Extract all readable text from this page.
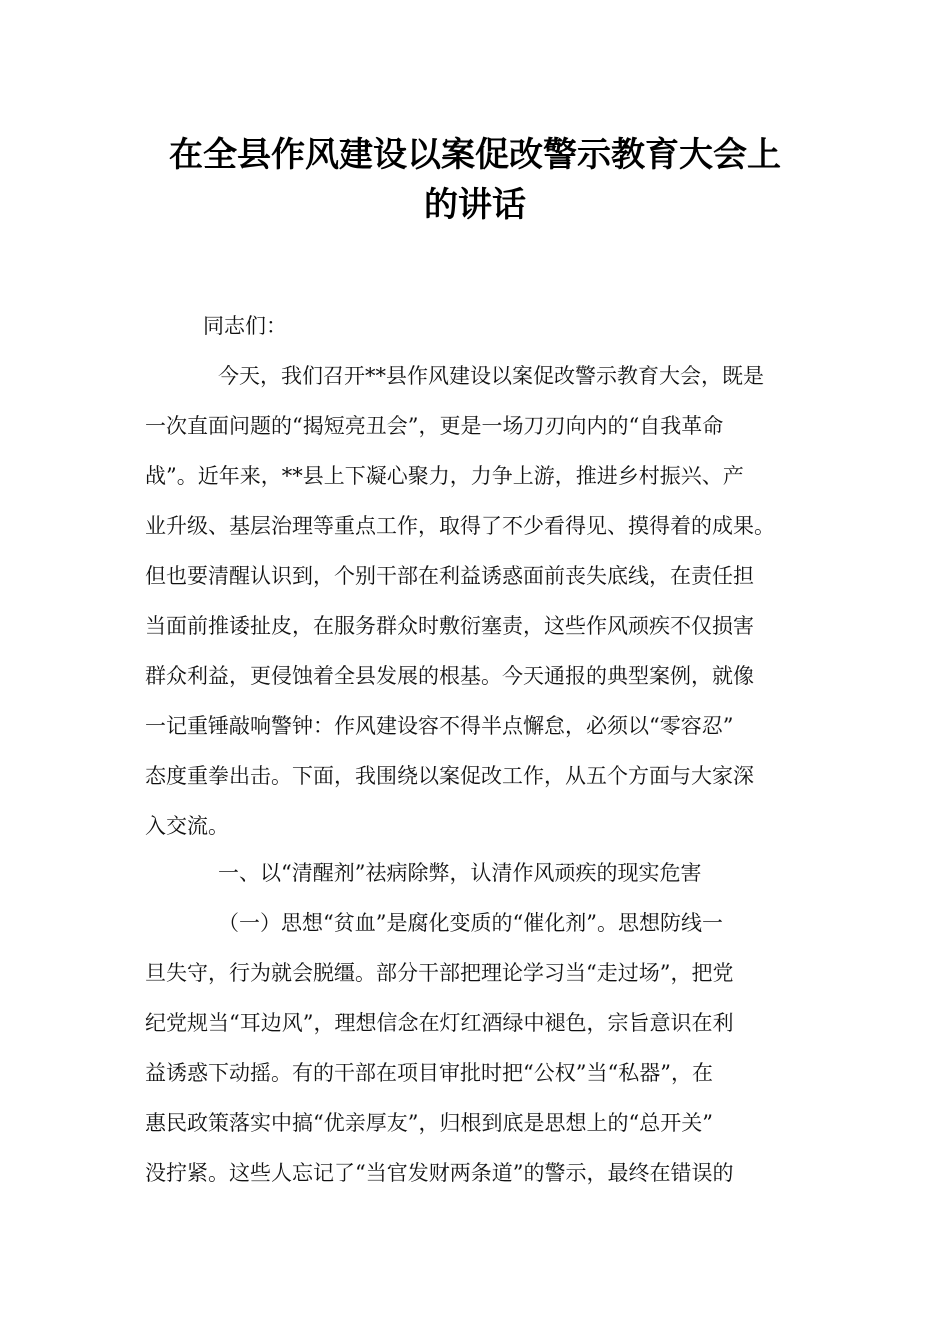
在全县作风建设以案促改警示教育大会上
的讲话

同志们：

今天，我们召开**县作风建设以案促改警示教育大会，既是

一次直面问题的“揭短亮丑会”，更是一场刀刃向内的“自我革命

战”。近年来，**县上下凝心聚力，力争上游，推进乡村振兴、产

业升级、基层治理等重点工作，取得了不少看得见、摸得着的成果。

但也要清醒认识到，个别干部在利益诱惑面前丧失底线，在责任担

当面前推诿扯皮，在服务群众时敷衍塞责，这些作风顽疾不仅损害

群众利益，更侵蚀着全县发展的根基。今天通报的典型案例，就像

一记重锤敲响警钟：作风建设容不得半点懈怠，必须以“零容忍”

态度重拳出击。下面，我围绕以案促改工作，从五个方面与大家深

入交流。

一、以“清醒剂”祛病除弊，认清作风顽疾的现实危害

（一）思想“贫血”是腐化变质的“催化剂”。思想防线一

旦失守，行为就会脱缰。部分干部把理论学习当“走过场”，把党

纪党规当“耳边风”，理想信念在灯红酒绿中褪色，宗旨意识在利

益诱惑下动摇。有的干部在项目审批时把“公权”当“私器”，在

惠民政策落实中搞“优亲厚友”，归根到底是思想上的“总开关”

没拧紧。这些人忘记了“当官发财两条道”的警示，最终在错误的
